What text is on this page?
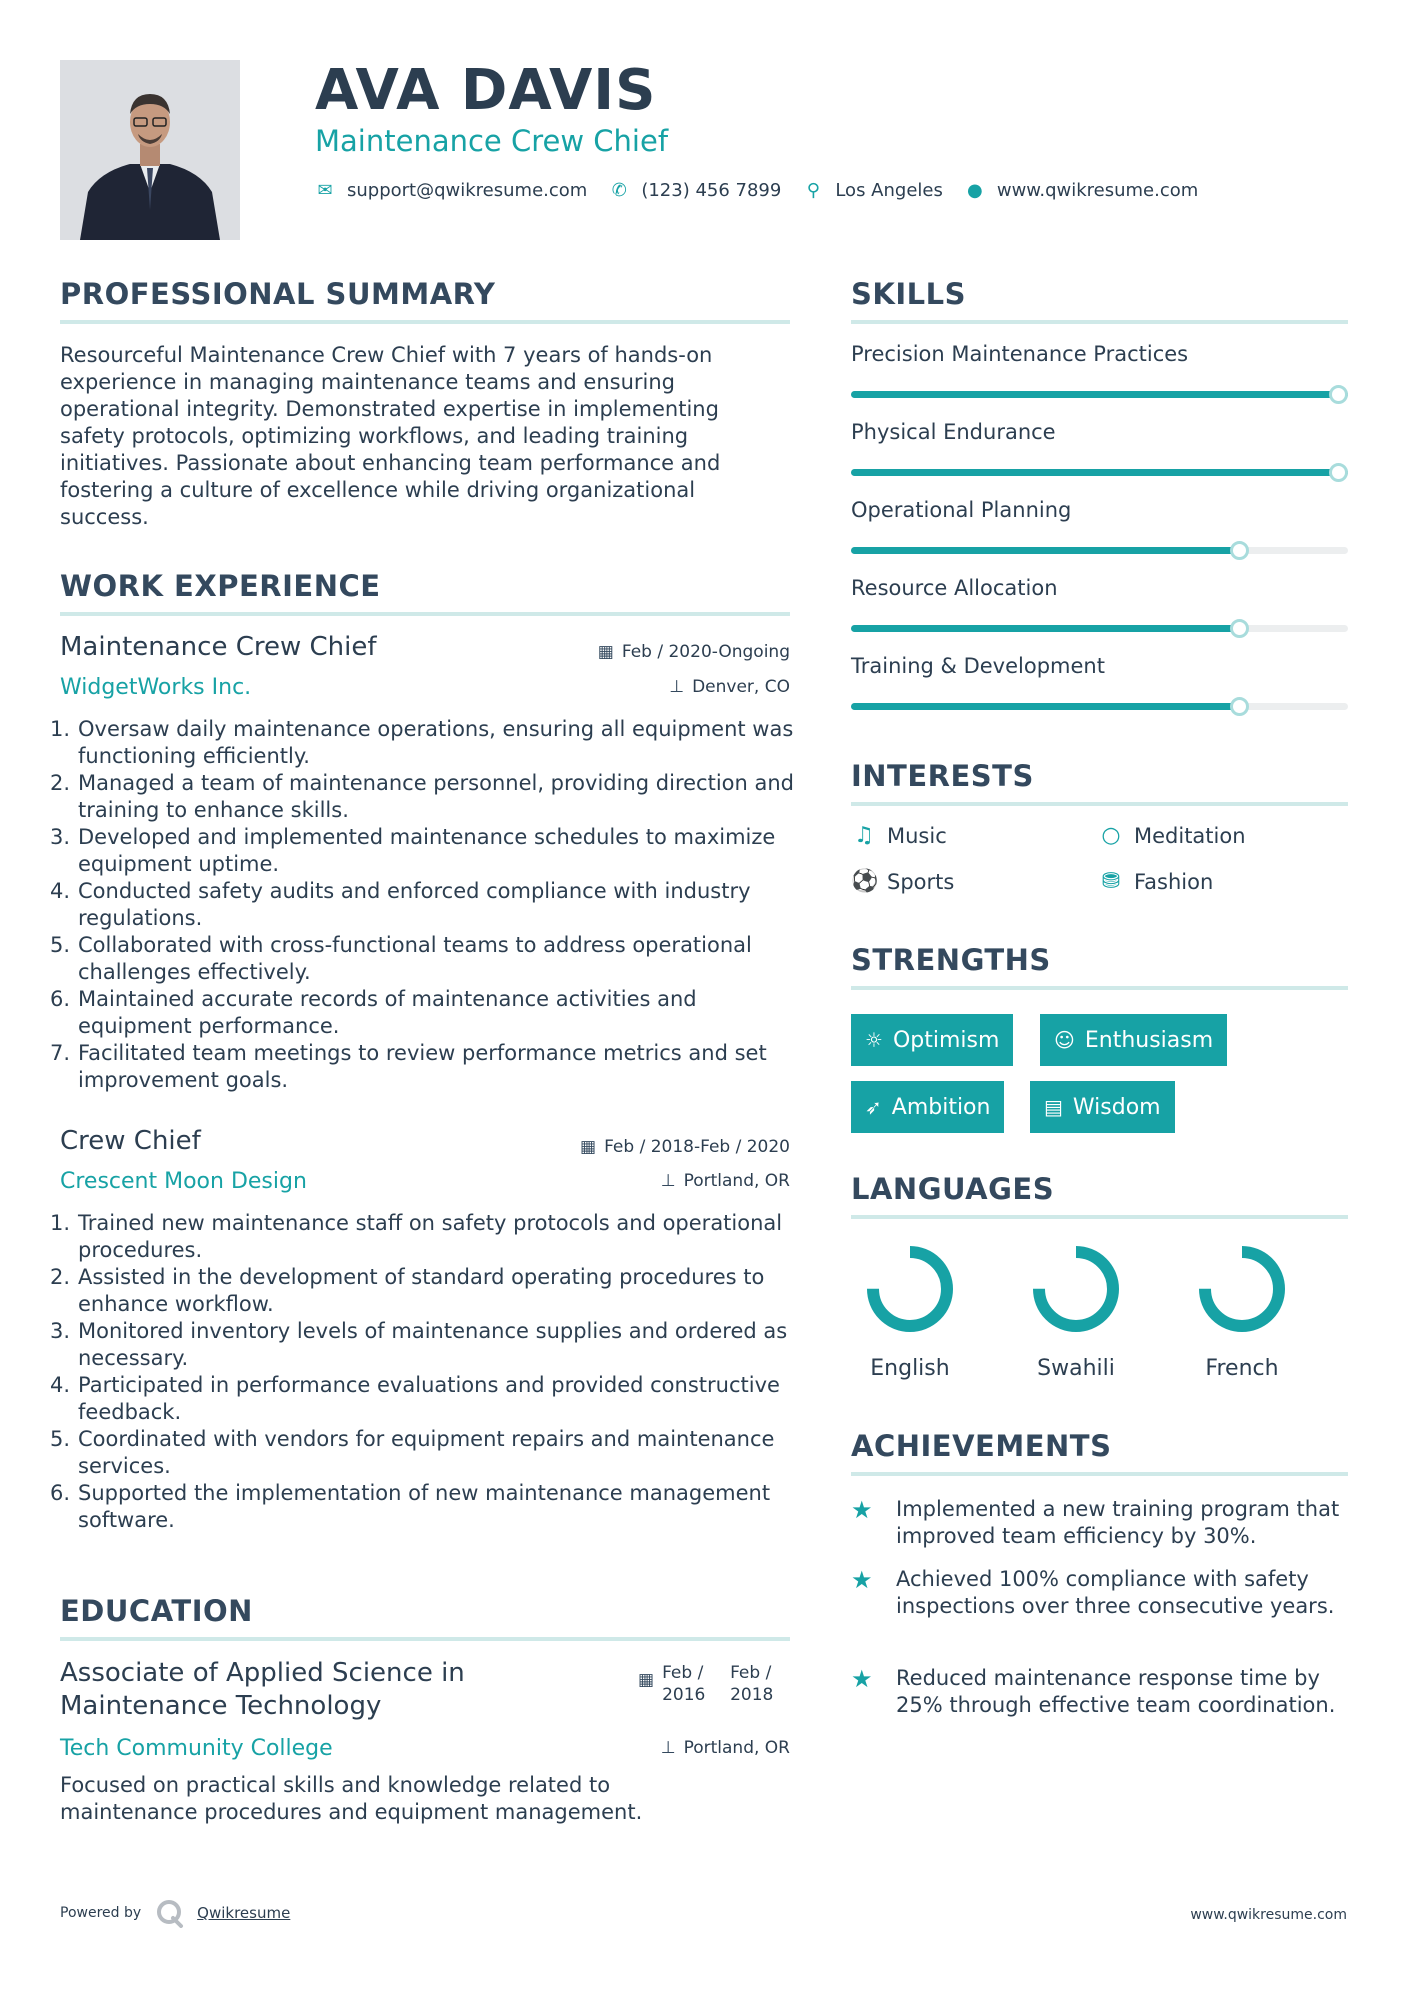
AVA DAVIS
Maintenance Crew Chief
✉ support@qwikresume.com ✆ (123) 456 7899 ⚲ Los Angeles ● www.qwikresume.com
PROFESSIONAL SUMMARY
Resourceful Maintenance Crew Chief with 7 years of hands-on experience in managing maintenance teams and ensuring operational integrity. Demonstrated expertise in implementing safety protocols, optimizing workflows, and leading training initiatives. Passionate about enhancing team performance and fostering a culture of excellence while driving organizational success.
WORK EXPERIENCE
Maintenance Crew Chief	▦ Feb / 2020-Ongoing
WidgetWorks Inc.	⊥ Denver, CO
1. Oversaw daily maintenance operations, ensuring all equipment was functioning efficiently.
2. Managed a team of maintenance personnel, providing direction and training to enhance skills.
3. Developed and implemented maintenance schedules to maximize equipment uptime.
4. Conducted safety audits and enforced compliance with industry regulations.
5. Collaborated with cross-functional teams to address operational challenges effectively.
6. Maintained accurate records of maintenance activities and equipment performance.
7. Facilitated team meetings to review performance metrics and set improvement goals.
Crew Chief	▦ Feb / 2018-Feb / 2020
Crescent Moon Design	⊥ Portland, OR
1. Trained new maintenance staff on safety protocols and operational procedures.
2. Assisted in the development of standard operating procedures to enhance workflow.
3. Monitored inventory levels of maintenance supplies and ordered as necessary.
4. Participated in performance evaluations and provided constructive feedback.
5. Coordinated with vendors for equipment repairs and maintenance services.
6. Supported the implementation of new maintenance management software.
EDUCATION
Associate of Applied Science in Maintenance Technology
▦ Feb / 2016
Feb / 2018
Tech Community College	⊥ Portland, OR
Focused on practical skills and knowledge related to maintenance procedures and equipment management.
SKILLS
Precision Maintenance Practices
Physical Endurance
Operational Planning
Resource Allocation
Training & Development
INTERESTS
♫ Music	○ Meditation
⚽ Sports	⛃ Fashion
STRENGTHS
☼ Optimism	☺ Enthusiasm
➶ Ambition	▤ Wisdom
LANGUAGES
English	Swahili	French
ACHIEVEMENTS
★ Implemented a new training program that improved team efficiency by 30%.
★ Achieved 100% compliance with safety inspections over three consecutive years.
★ Reduced maintenance response time by 25% through effective team coordination.
Powered by	Qwikresume	www.qwikresume.com
